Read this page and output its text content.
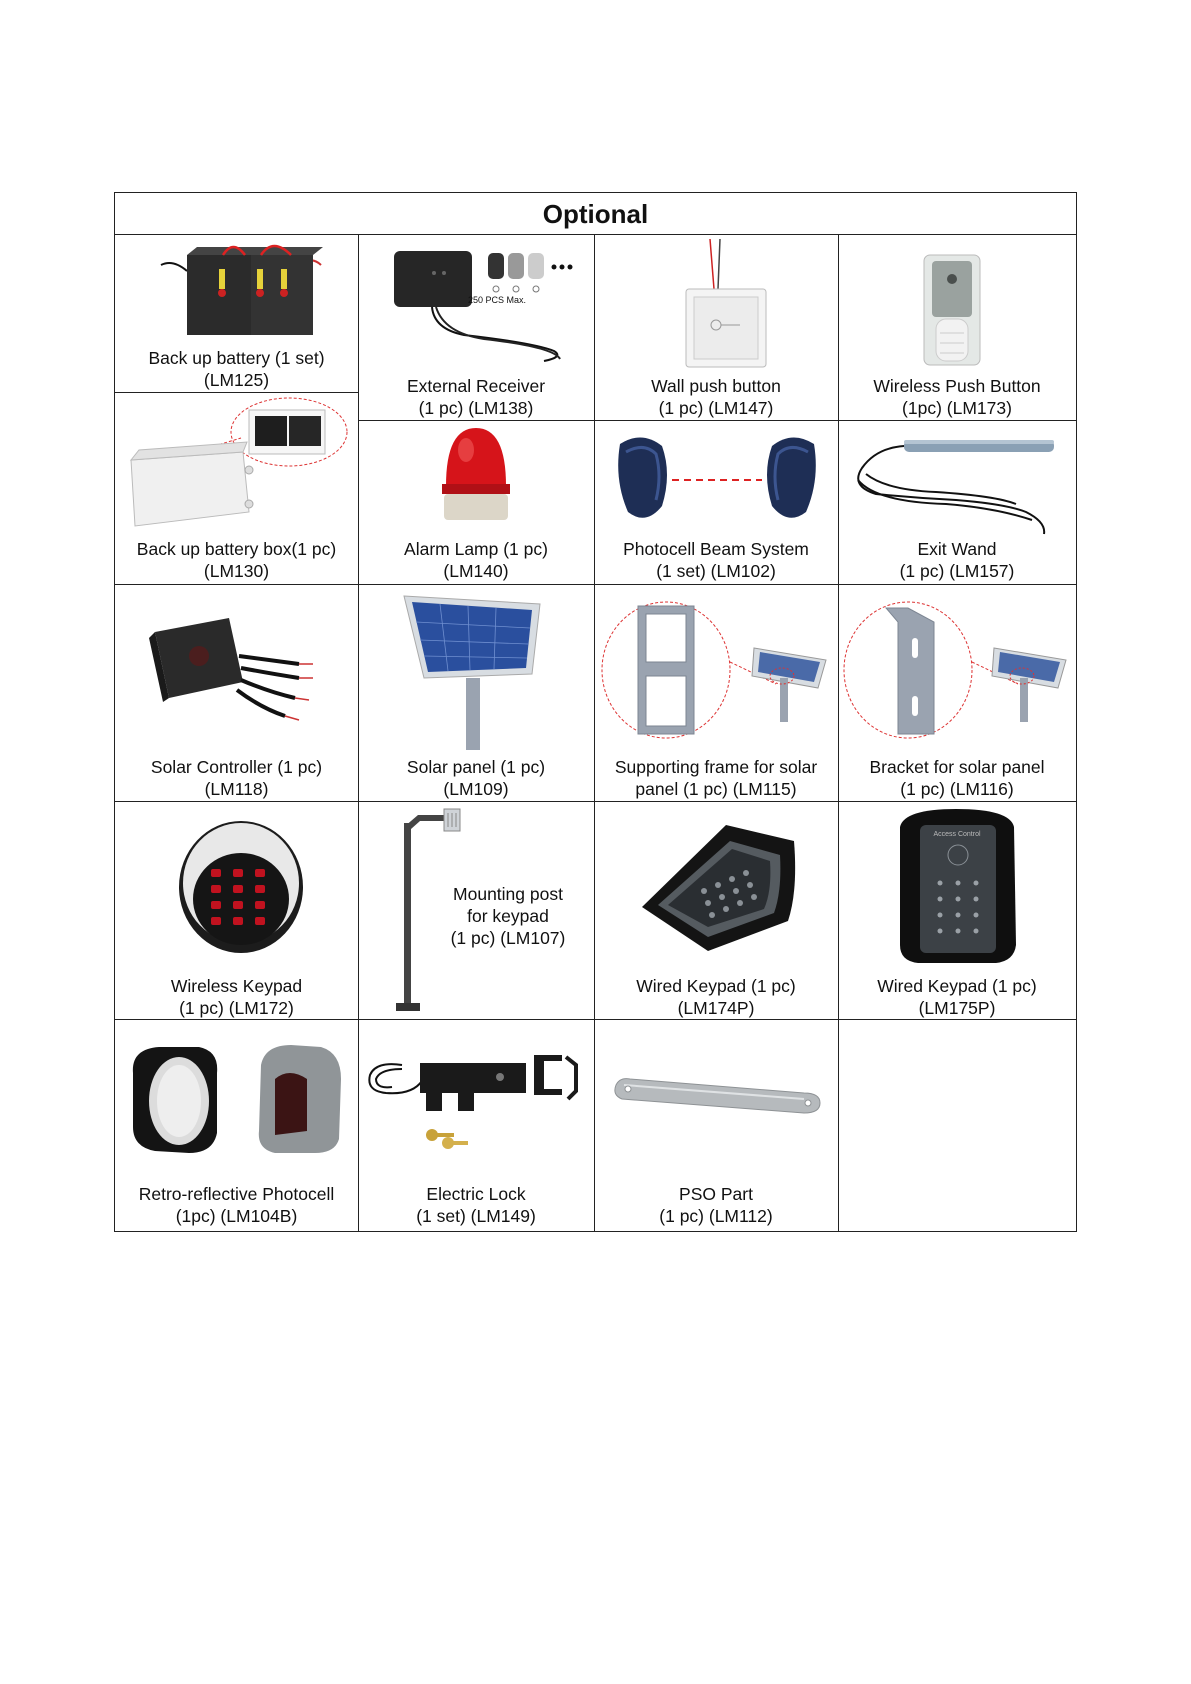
Optional
Back up battery (1 set)
(LM125)
250 PCS Max.
External Receiver
(1 pc) (LM138)
Wall push button
(1 pc) (LM147)
Wireless Push Button
(1pc) (LM173)
Back up battery box(1 pc)
(LM130)
Alarm Lamp (1 pc)
(LM140)
Photocell Beam System
(1 set) (LM102)
Exit Wand
(1 pc) (LM157)
Solar Controller (1 pc)
(LM118)
Solar panel (1 pc)
(LM109)
Supporting frame for solar
panel (1 pc) (LM115)
Bracket for solar panel
(1 pc) (LM116)
Wireless Keypad
(1 pc) (LM172)
Mounting post
for keypad
(1 pc) (LM107)
Wired Keypad (1 pc)
(LM174P)
Access Control
Wired Keypad (1 pc)
(LM175P)
Retro-reflective Photocell
(1pc) (LM104B)
Electric Lock
(1 set) (LM149)
PSO Part
(1 pc) (LM112)
